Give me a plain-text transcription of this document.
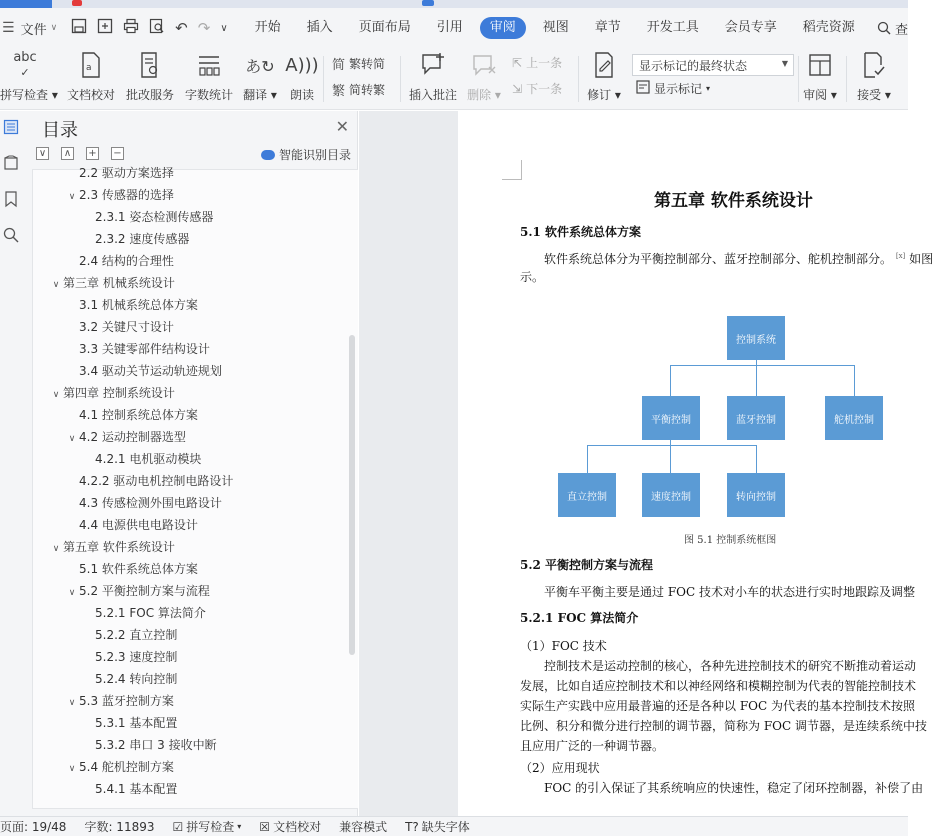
☰ 文件 ∨	↶ ↷ ∨	开始	插入	页面布局	引用	审阅	视图	章节	开发工具	会员专享	稻壳资源	查
abc
✓
拼写检查 ▾
a
文档校对 批改服务 字数统计
あ↻
翻译 ▾
A)))
朗读
简 繁转简
繁 简转繁 插入批注 删除 ▾
⇱ 上一条
⇲ 下一条 修订 ▾
显示标记的最终状态	▼
显示标记 ▾	审阅 ▾	接受 ▾
目录	✕
∨ ∧ + −	智能识别目录
2.2 驱动方案选择
∨ 2.3 传感器的选择
2.3.1 姿态检测传感器
2.3.2 速度传感器
2.4 结构的合理性
∨ 第三章 机械系统设计
3.1 机械系统总体方案
3.2 关键尺寸设计
3.3 关键零部件结构设计
3.4 驱动关节运动轨迹规划
∨ 第四章 控制系统设计
4.1 控制系统总体方案
∨ 4.2 运动控制器选型
4.2.1 电机驱动模块
4.2.2 驱动电机控制电路设计
4.3 传感检测外围电路设计
4.4 电源供电电路设计
∨ 第五章 软件系统设计
5.1 软件系统总体方案
∨ 5.2 平衡控制方案与流程
5.2.1 FOC 算法简介
5.2.2 直立控制
5.2.3 速度控制
5.2.4 转向控制
∨ 5.3 蓝牙控制方案
5.3.1 基本配置
5.3.2 串口 3 接收中断
∨ 5.4 舵机控制方案
5.4.1 基本配置
第五章 软件系统设计
5.1 软件系统总体方案
软件系统总体分为平衡控制部分、蓝牙控制部分、舵机控制部分。 [x] 如图
示。
控制系统
平衡控制	蓝牙控制	舵机控制
直立控制	速度控制	转向控制
图 5.1 控制系统框图
5.2 平衡控制方案与流程
平衡车平衡主要是通过 FOC 技术对小车的状态进行实时地跟踪及调整
5.2.1 FOC 算法简介
（1）FOC 技术
控制技术是运动控制的核心，各种先进控制技术的研究不断推动着运动
发展，比如自适应控制技术和以神经网络和模糊控制为代表的智能控制技术
实际生产实践中应用最普遍的还是各种以 FOC 为代表的基本控制技术按照
比例、积分和微分进行控制的调节器，简称为 FOC 调节器，是连续系统中技
且应用广泛的一种调节器。
（2）应用现状
FOC 的引入保证了其系统响应的快速性，稳定了闭环控制器，补偿了由
页面: 19/48	字数: 11893	☑ 拼写检查 ▾ ☒ 文档校对	兼容模式	T? 缺失字体
